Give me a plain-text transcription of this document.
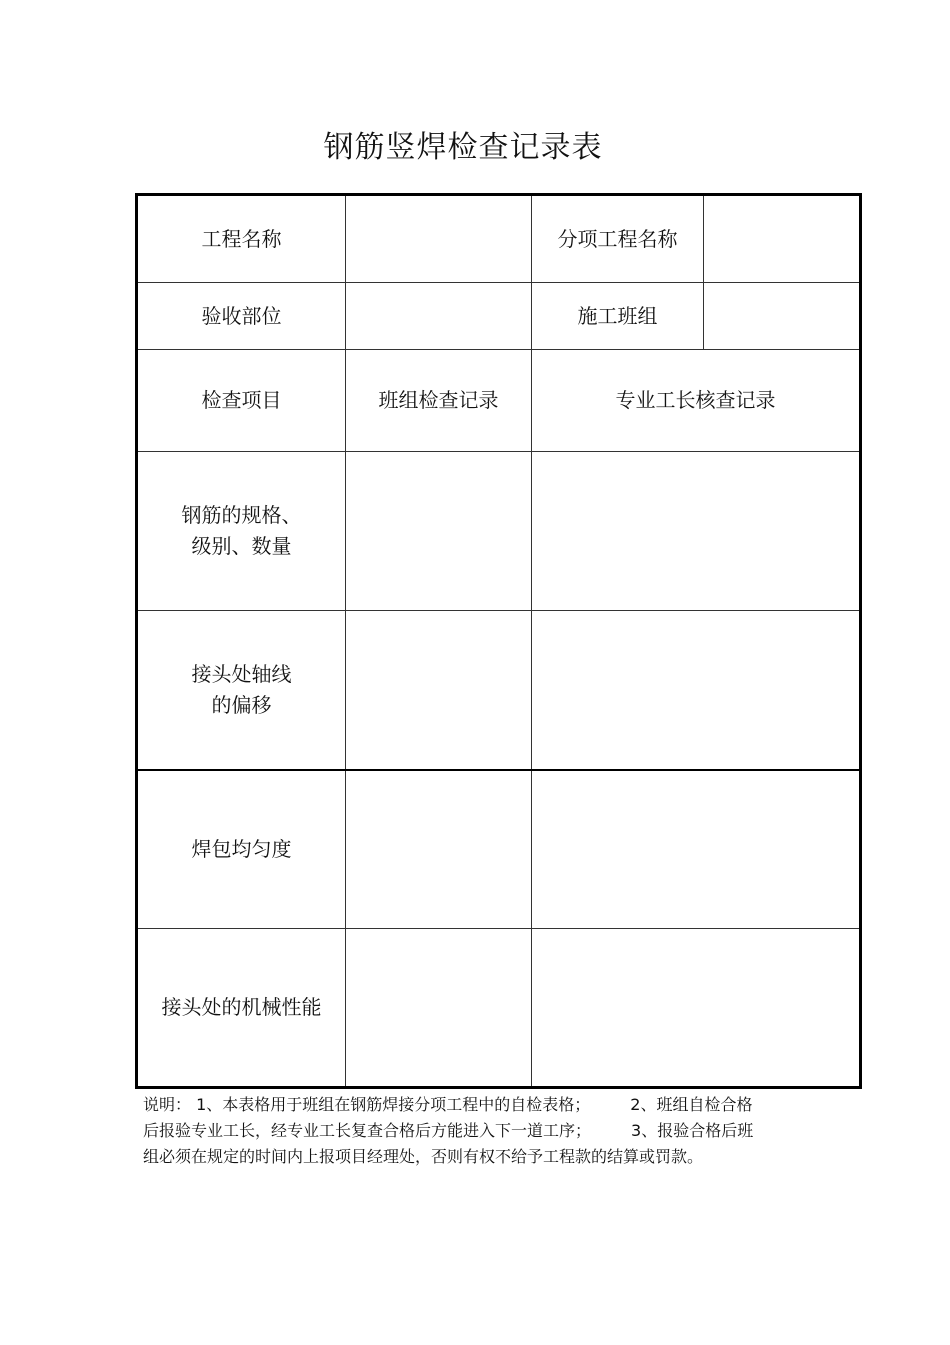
钢筋竖焊检查记录表
工程名称		分项工程名称	
验收部位		施工班组	
检查项目	班组检查记录	专业工长核查记录	

钢筋的规格、
级别、数量			

接头处轴线
的偏移			

焊包均匀度			

接头处的机械性能			

说明： 1、本表格用于班组在钢筋焊接分项工程中的自检表格；	2、班组自检合格
后报验专业工长，经专业工长复查合格后方能进入下一道工序；	3、报验合格后班
组必须在规定的时间内上报项目经理处，否则有权不给予工程款的结算或罚款。
